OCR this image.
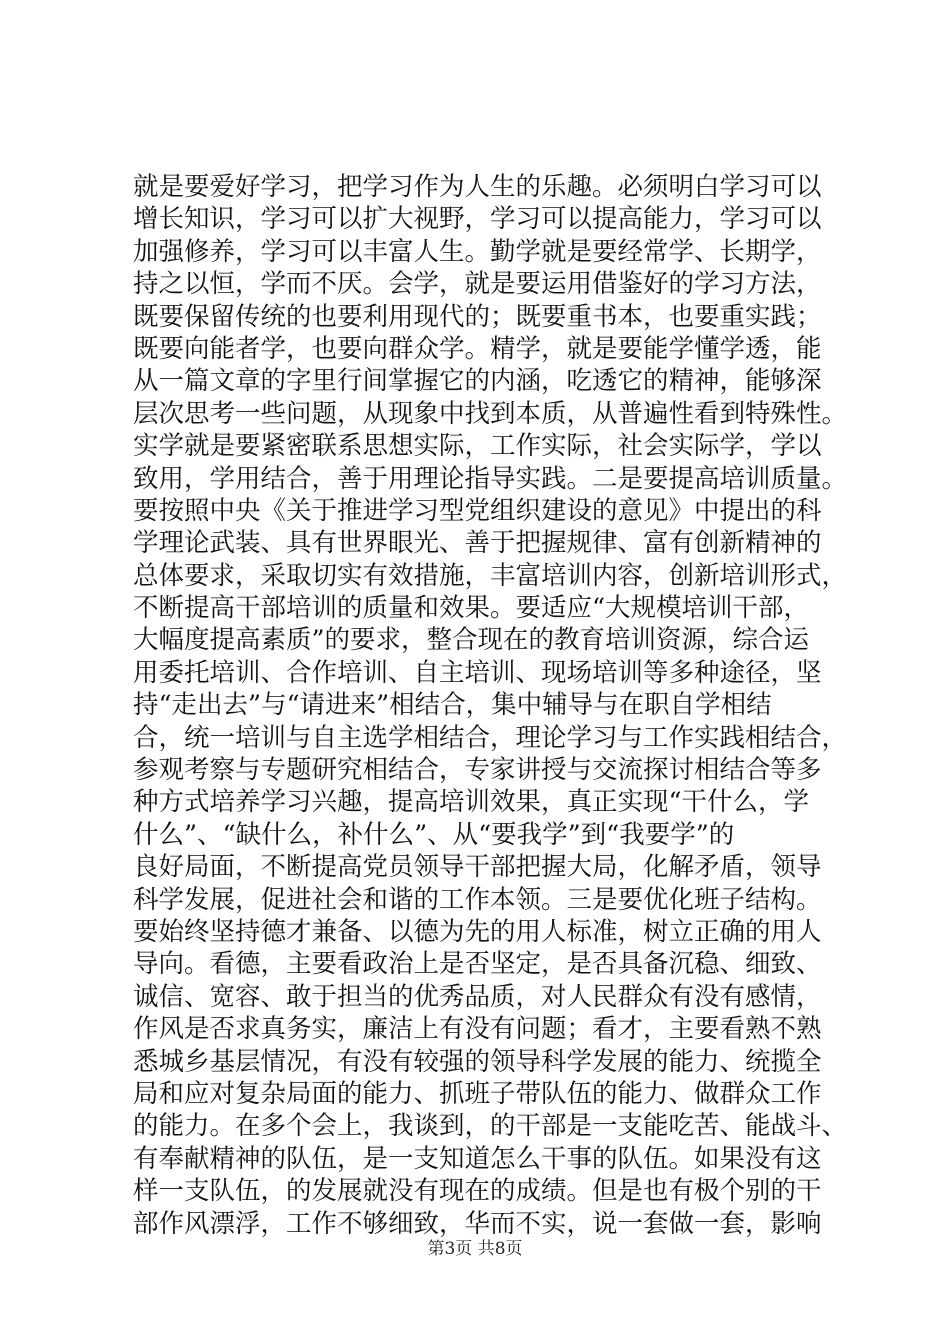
就是要爱好学习，把学习作为人生的乐趣。必须明白学习可以
增长知识，学习可以扩大视野，学习可以提高能力，学习可以
加强修养，学习可以丰富人生。勤学就是要经常学、长期学，
持之以恒，学而不厌。会学，就是要运用借鉴好的学习方法，
既要保留传统的也要利用现代的；既要重书本，也要重实践；
既要向能者学，也要向群众学。精学，就是要能学懂学透，能
从一篇文章的字里行间掌握它的内涵，吃透它的精神，能够深
层次思考一些问题，从现象中找到本质，从普遍性看到特殊性。
实学就是要紧密联系思想实际，工作实际，社会实际学，学以
致用，学用结合，善于用理论指导实践。二是要提高培训质量。
要按照中央《关于推进学习型党组织建设的意见》中提出的科
学理论武装、具有世界眼光、善于把握规律、富有创新精神的
总体要求，采取切实有效措施，丰富培训内容，创新培训形式，
不断提高干部培训的质量和效果。要适应“大规模培训干部，
大幅度提高素质”的要求，整合现在的教育培训资源，综合运
用委托培训、合作培训、自主培训、现场培训等多种途径，坚
持“走出去”与“请进来”相结合，集中辅导与在职自学相结
合，统一培训与自主选学相结合，理论学习与工作实践相结合，
参观考察与专题研究相结合，专家讲授与交流探讨相结合等多
种方式培养学习兴趣，提高培训效果，真正实现“干什么，学
什么”、“缺什么，补什么”、从“要我学”到“我要学”的
良好局面，不断提高党员领导干部把握大局，化解矛盾，领导
科学发展，促进社会和谐的工作本领。三是要优化班子结构。
要始终坚持德才兼备、以德为先的用人标准，树立正确的用人
导向。看德，主要看政治上是否坚定，是否具备沉稳、细致、
诚信、宽容、敢于担当的优秀品质，对人民群众有没有感情，
作风是否求真务实，廉洁上有没有问题；看才，主要看熟不熟
悉城乡基层情况，有没有较强的领导科学发展的能力、统揽全
局和应对复杂局面的能力、抓班子带队伍的能力、做群众工作
的能力。在多个会上，我谈到，的干部是一支能吃苦、能战斗、
有奉献精神的队伍，是一支知道怎么干事的队伍。如果没有这
样一支队伍，的发展就没有现在的成绩。但是也有极个别的干
部作风漂浮，工作不够细致，华而不实，说一套做一套，影响
第3页 共8页
